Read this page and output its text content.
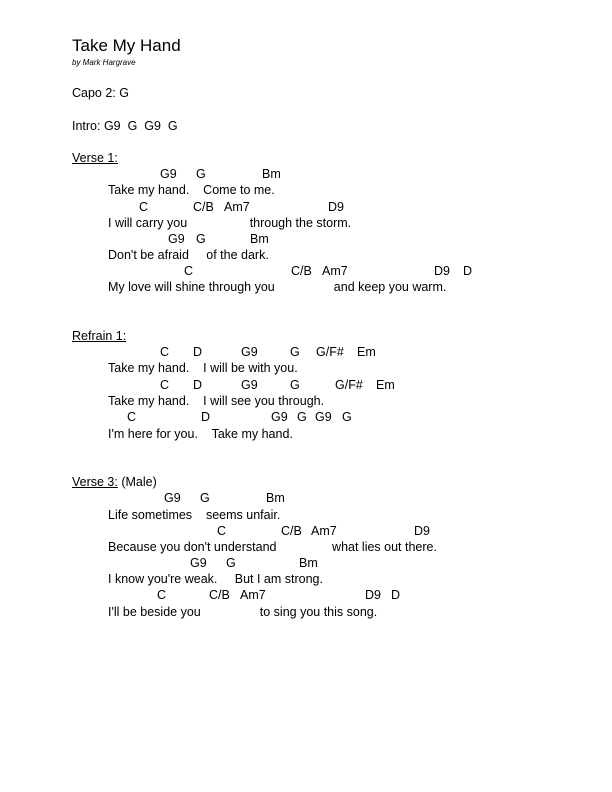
Take My Hand
by Mark Hargrave
Capo 2: G
Intro: G9  G  G9  G
Verse 1:
G9 G	Bm
Take my hand.    Come to me.
C	C/B Am7	D9
I will carry you                  through the storm.
G9 G	Bm
Don't be afraid     of the dark.
C	C/B Am7	D9 D
My love will shine through you                 and keep you warm.
Refrain 1:
C D	G9	G G/F# Em
Take my hand.    I will be with you.
C D	G9	G	G/F# Em
Take my hand.    I will see you through.
C	D	G9 G G9 G
I'm here for you.    Take my hand.
Verse 3: (Male)
G9 G	Bm
Life sometimes    seems unfair.
C	C/B Am7	D9
Because you don't understand                what lies out there.
G9 G	Bm
I know you're weak.     But I am strong.
C	C/B Am7	D9 D
I'll be beside you                 to sing you this song.
